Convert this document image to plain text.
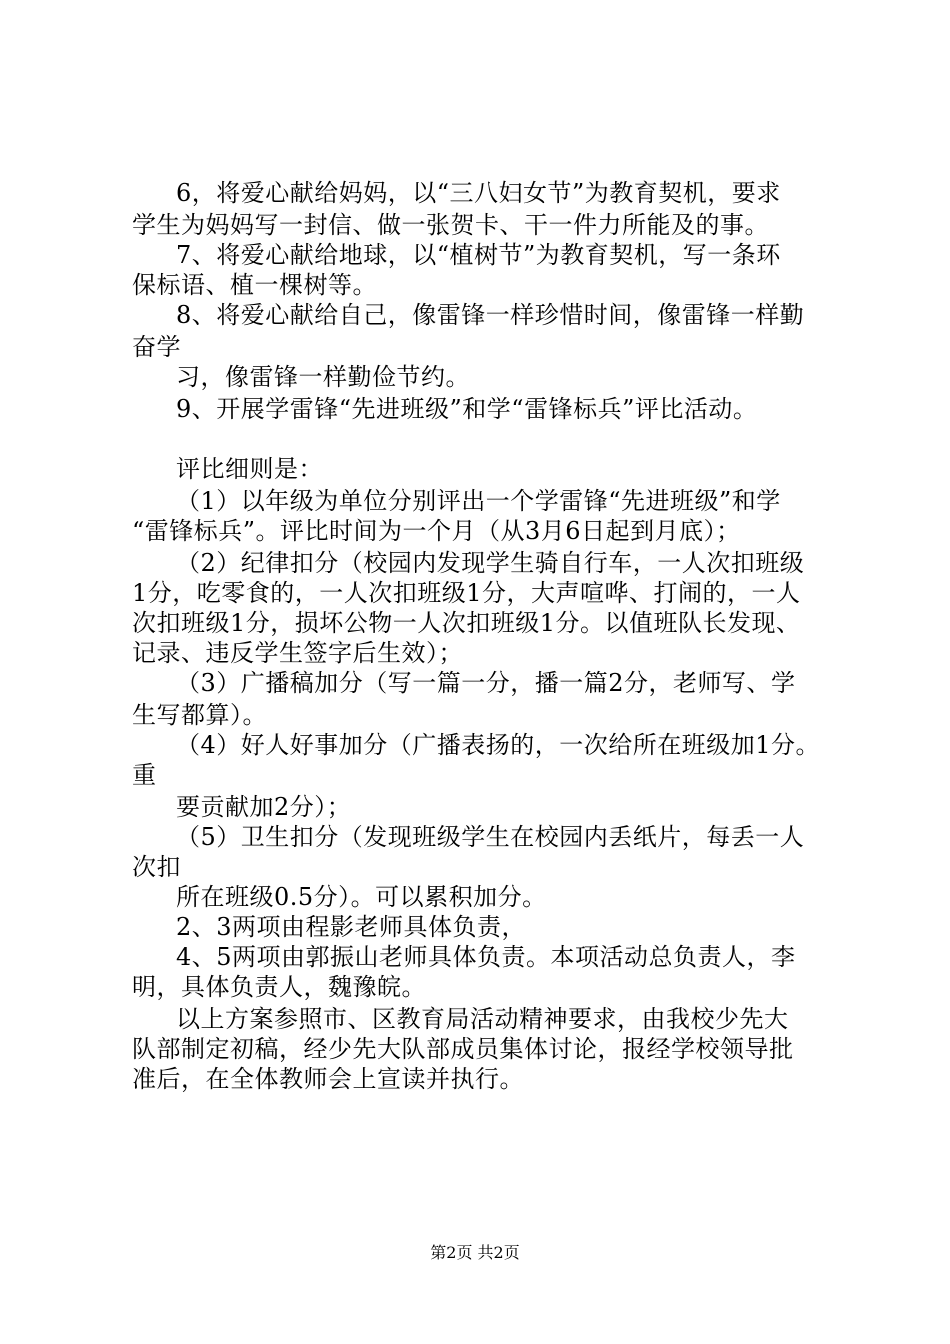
6，将爱心献给妈妈，以“三八妇女节”为教育契机，要求
学生为妈妈写一封信、做一张贺卡、干一件力所能及的事。
7、将爱心献给地球，以“植树节”为教育契机，写一条环
保标语、植一棵树等。
8、将爱心献给自己，像雷锋一样珍惜时间，像雷锋一样勤
奋学
习，像雷锋一样勤俭节约。
9、开展学雷锋“先进班级”和学“雷锋标兵”评比活动。
评比细则是：
（1）以年级为单位分别评出一个学雷锋“先进班级”和学
“雷锋标兵”。评比时间为一个月（从3月6日起到月底）；
（2）纪律扣分（校园内发现学生骑自行车，一人次扣班级
1分，吃零食的，一人次扣班级1分，大声喧哗、打闹的，一人
次扣班级1分，损坏公物一人次扣班级1分。以值班队长发现、
记录、违反学生签字后生效）；
（3）广播稿加分（写一篇一分，播一篇2分，老师写、学
生写都算）。
（4）好人好事加分（广播表扬的，一次给所在班级加1分。
重
要贡献加2分）；
（5）卫生扣分（发现班级学生在校园内丢纸片，每丢一人
次扣
所在班级0.5分）。可以累积加分。
2、3两项由程影老师具体负责，
4、5两项由郭振山老师具体负责。本项活动总负责人，李
明，具体负责人，魏豫皖。
以上方案参照市、区教育局活动精神要求，由我校少先大
队部制定初稿，经少先大队部成员集体讨论，报经学校领导批
准后，在全体教师会上宣读并执行。
第2页 共2页
